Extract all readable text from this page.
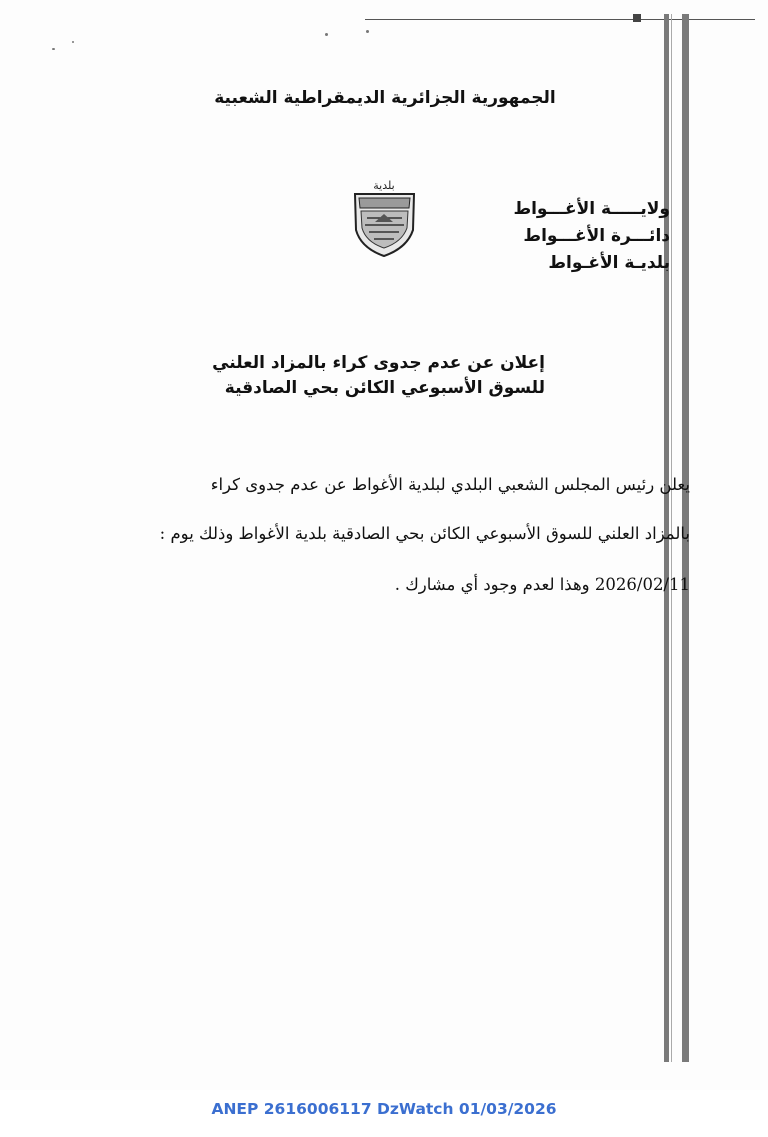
الجمهورية الجزائرية الديمقراطية الشعبية
ولايـــــة الأغـــواط
دائـــرة الأغـــواط
بلديـة الأغـواط
بلدية
إعلان عن عدم جدوى كراء بالمزاد العلني
للسوق الأسبوعي الكائن بحي الصادقية
يعلن رئيس المجلس الشعبي البلدي لبلدية الأغواط عن عدم جدوى كراء
بالمزاد العلني للسوق الأسبوعي الكائن بحي الصادقية بلدية الأغواط وذلك يوم :
2026/02/11 وهذا لعدم وجود أي مشارك .
ANEP 2616006117 DzWatch 01/03/2026
